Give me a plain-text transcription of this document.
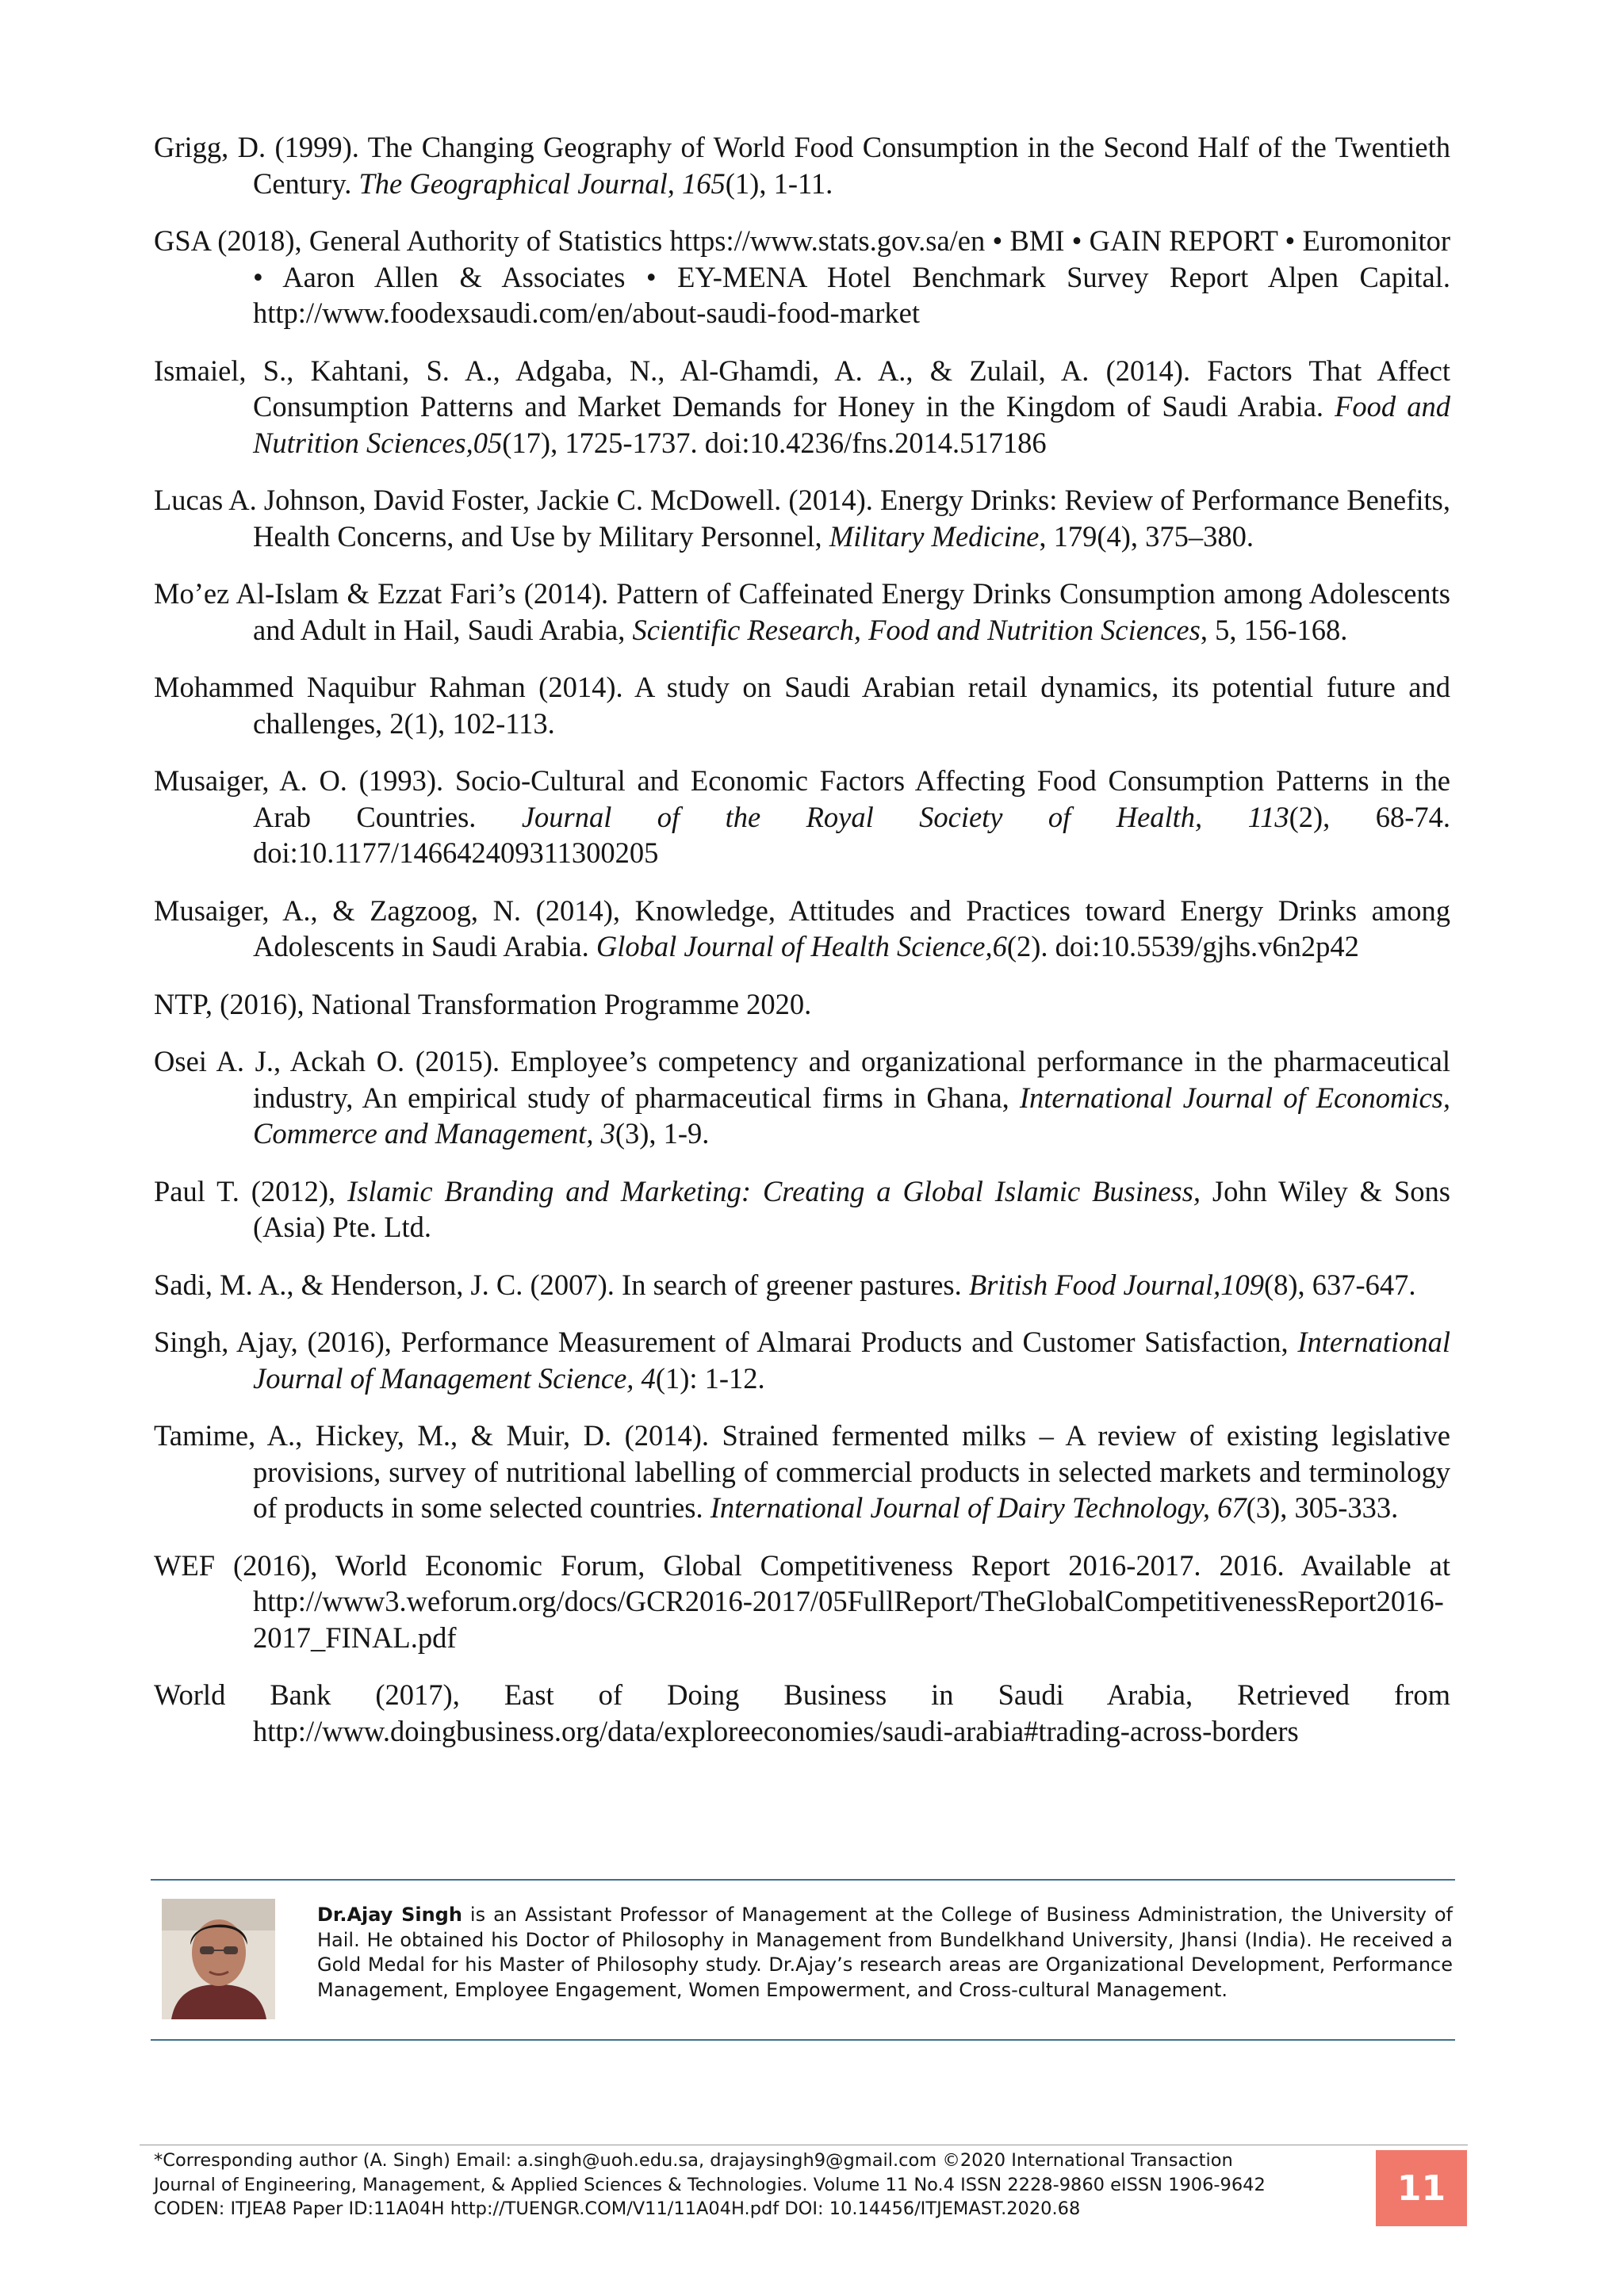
Grigg, D. (1999). The Changing Geography of World Food Consumption in the Second Half of the Twentieth Century. The Geographical Journal, 165(1), 1-11.
GSA (2018), General Authority of Statistics https://www.stats.gov.sa/en • BMI • GAIN REPORT • Euromonitor • Aaron Allen & Associates • EY-MENA Hotel Benchmark Survey Report Alpen Capital. http://www.foodexsaudi.com/en/about-saudi-food-market
Ismaiel, S., Kahtani, S. A., Adgaba, N., Al-Ghamdi, A. A., & Zulail, A. (2014). Factors That Affect Consumption Patterns and Market Demands for Honey in the Kingdom of Saudi Arabia. Food and Nutrition Sciences,05(17), 1725-1737. doi:10.4236/fns.2014.517186
Lucas A. Johnson, David Foster, Jackie C. McDowell. (2014). Energy Drinks: Review of Performance Benefits, Health Concerns, and Use by Military Personnel, Military Medicine, 179(4), 375–380.
Mo’ez Al-Islam & Ezzat Fari’s (2014). Pattern of Caffeinated Energy Drinks Consumption among Adolescents and Adult in Hail, Saudi Arabia, Scientific Research, Food and Nutrition Sciences, 5, 156-168.
Mohammed Naquibur Rahman (2014). A study on Saudi Arabian retail dynamics, its potential future and challenges, 2(1), 102-113.
Musaiger, A. O. (1993). Socio-Cultural and Economic Factors Affecting Food Consumption Patterns in the Arab Countries. Journal of the Royal Society of Health, 113(2), 68-74. doi:10.1177/146642409311300205
Musaiger, A., & Zagzoog, N. (2014), Knowledge, Attitudes and Practices toward Energy Drinks among Adolescents in Saudi Arabia. Global Journal of Health Science,6(2). doi:10.5539/gjhs.v6n2p42
NTP, (2016), National Transformation Programme 2020.
Osei A. J., Ackah O. (2015). Employee’s competency and organizational performance in the pharmaceutical industry, An empirical study of pharmaceutical firms in Ghana, International Journal of Economics, Commerce and Management, 3(3), 1-9.
Paul T. (2012), Islamic Branding and Marketing: Creating a Global Islamic Business, John Wiley & Sons (Asia) Pte. Ltd.
Sadi, M. A., & Henderson, J. C. (2007). In search of greener pastures. British Food Journal,109(8), 637-647.
Singh, Ajay, (2016), Performance Measurement of Almarai Products and Customer Satisfaction, International Journal of Management Science, 4(1): 1-12.
Tamime, A., Hickey, M., & Muir, D. (2014). Strained fermented milks – A review of existing legislative provisions, survey of nutritional labelling of commercial products in selected markets and terminology of products in some selected countries. International Journal of Dairy Technology, 67(3), 305-333.
WEF (2016), World Economic Forum, Global Competitiveness Report 2016-2017. 2016. Available at http://www3.weforum.org/docs/GCR2016-2017/05FullReport/TheGlobalCompetitivenessReport2016-2017_FINAL.pdf
World Bank (2017), East of Doing Business in Saudi Arabia, Retrieved from http://www.doingbusiness.org/data/exploreeconomies/saudi-arabia#trading-across-borders
Dr.Ajay Singh is an Assistant Professor of Management at the College of Business Administration, the University of Hail. He obtained his Doctor of Philosophy in Management from Bundelkhand University, Jhansi (India). He received a Gold Medal for his Master of Philosophy study. Dr.Ajay’s research areas are Organizational Development, Performance Management, Employee Engagement, Women Empowerment, and Cross-cultural Management.
*Corresponding author (A. Singh) Email: a.singh@uoh.edu.sa, drajaysingh9@gmail.com ©2020 International Transaction
Journal of Engineering, Management, & Applied Sciences & Technologies. Volume 11 No.4 ISSN 2228-9860 eISSN 1906-9642
CODEN: ITJEA8 Paper ID:11A04H http://TUENGR.COM/V11/11A04H.pdf DOI: 10.14456/ITJEMAST.2020.68
11
